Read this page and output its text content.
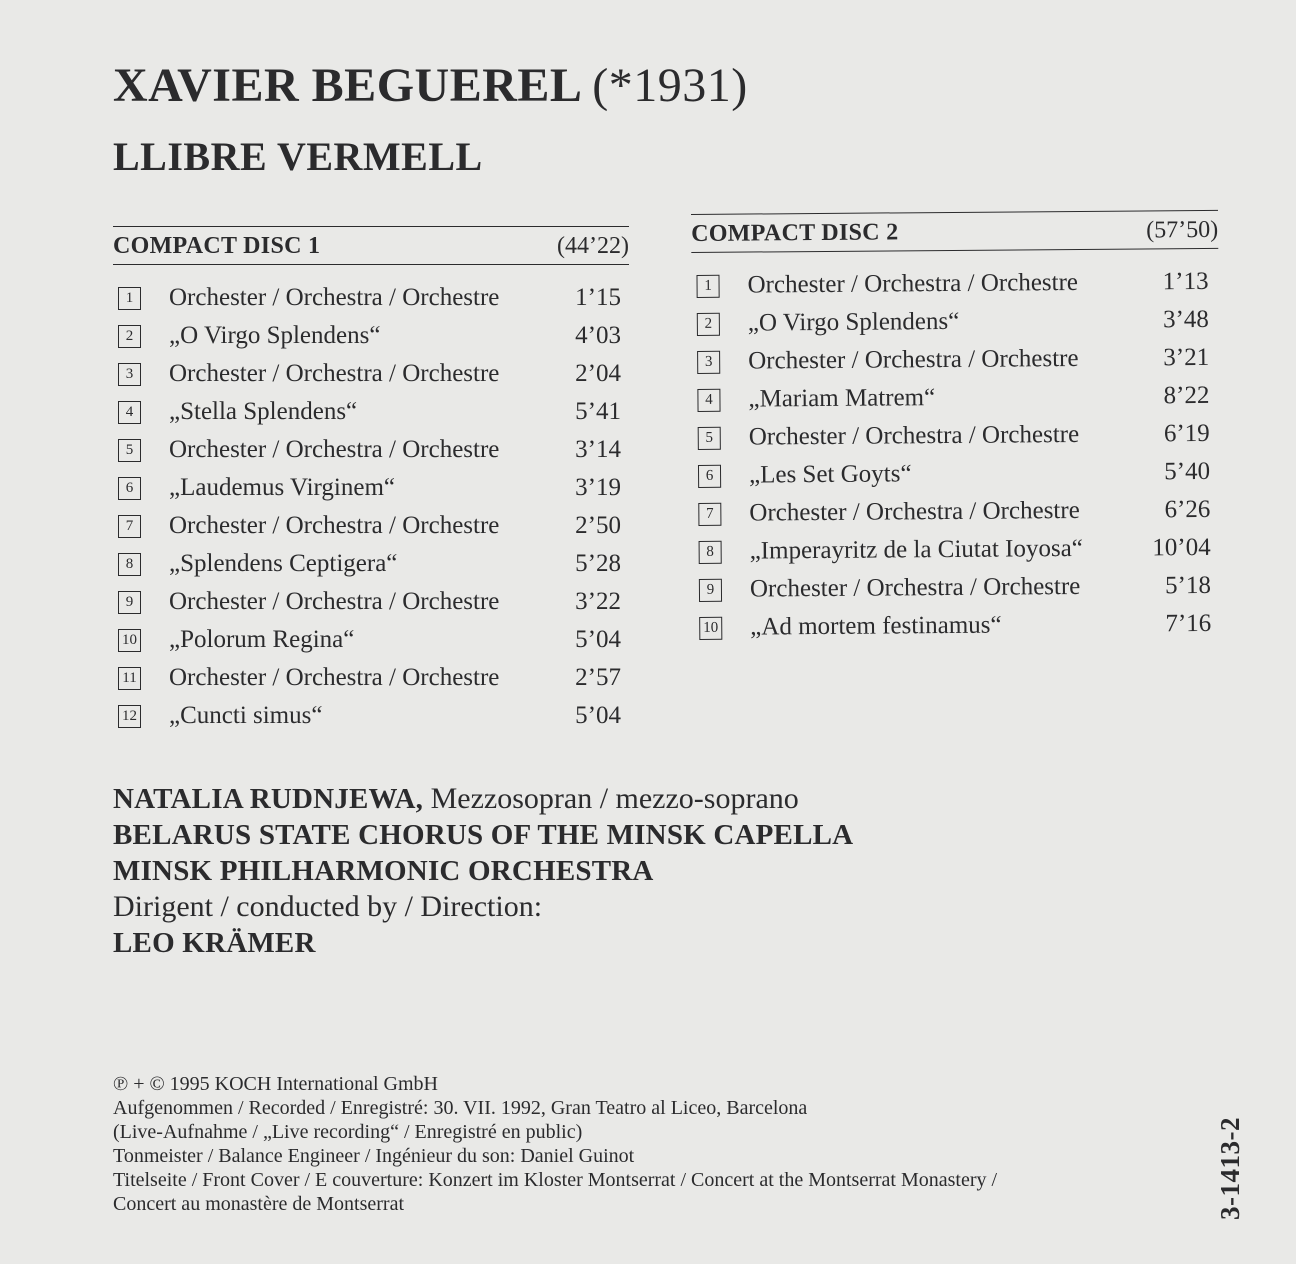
XAVIER BEGUEREL (*1931)
LLIBRE VERMELL
COMPACT DISC 1	(44’22)
1	Orchester / Orchestra / Orchestre	1’15
2	„O Virgo Splendens“	4’03
3	Orchester / Orchestra / Orchestre	2’04
4	„Stella Splendens“	5’41
5	Orchester / Orchestra / Orchestre	3’14
6	„Laudemus Virginem“	3’19
7	Orchester / Orchestra / Orchestre	2’50
8	„Splendens Ceptigera“	5’28
9	Orchester / Orchestra / Orchestre	3’22
10 „Polorum Regina“	5’04
11 Orchester / Orchestra / Orchestre	2’57
12 „Cuncti simus“	5’04
COMPACT DISC 2	(57’50)
1	Orchester / Orchestra / Orchestre	1’13
2	„O Virgo Splendens“	3’48
3	Orchester / Orchestra / Orchestre	3’21
4	„Mariam Matrem“	8’22
5	Orchester / Orchestra / Orchestre	6’19
6	„Les Set Goyts“	5’40
7	Orchester / Orchestra / Orchestre	6’26
8	„Imperayritz de la Ciutat Ioyosa“	10’04
9	Orchester / Orchestra / Orchestre	5’18
10 „Ad mortem festinamus“	7’16
NATALIA RUDNJEWA, Mezzosopran / mezzo-soprano
BELARUS STATE CHORUS OF THE MINSK CAPELLA
MINSK PHILHARMONIC ORCHESTRA
Dirigent / conducted by / Direction:
LEO KRÄMER
℗ + © 1995 KOCH International GmbH
Aufgenommen / Recorded / Enregistré: 30. VII. 1992, Gran Teatro al Liceo, Barcelona
(Live-Aufnahme / „Live recording“ / Enregistré en public)
Tonmeister / Balance Engineer / Ingénieur du son: Daniel Guinot
Titelseite / Front Cover / E couverture: Konzert im Kloster Montserrat / Concert at the Montserrat Monastery /
Concert au monastère de Montserrat	3-1413-2
